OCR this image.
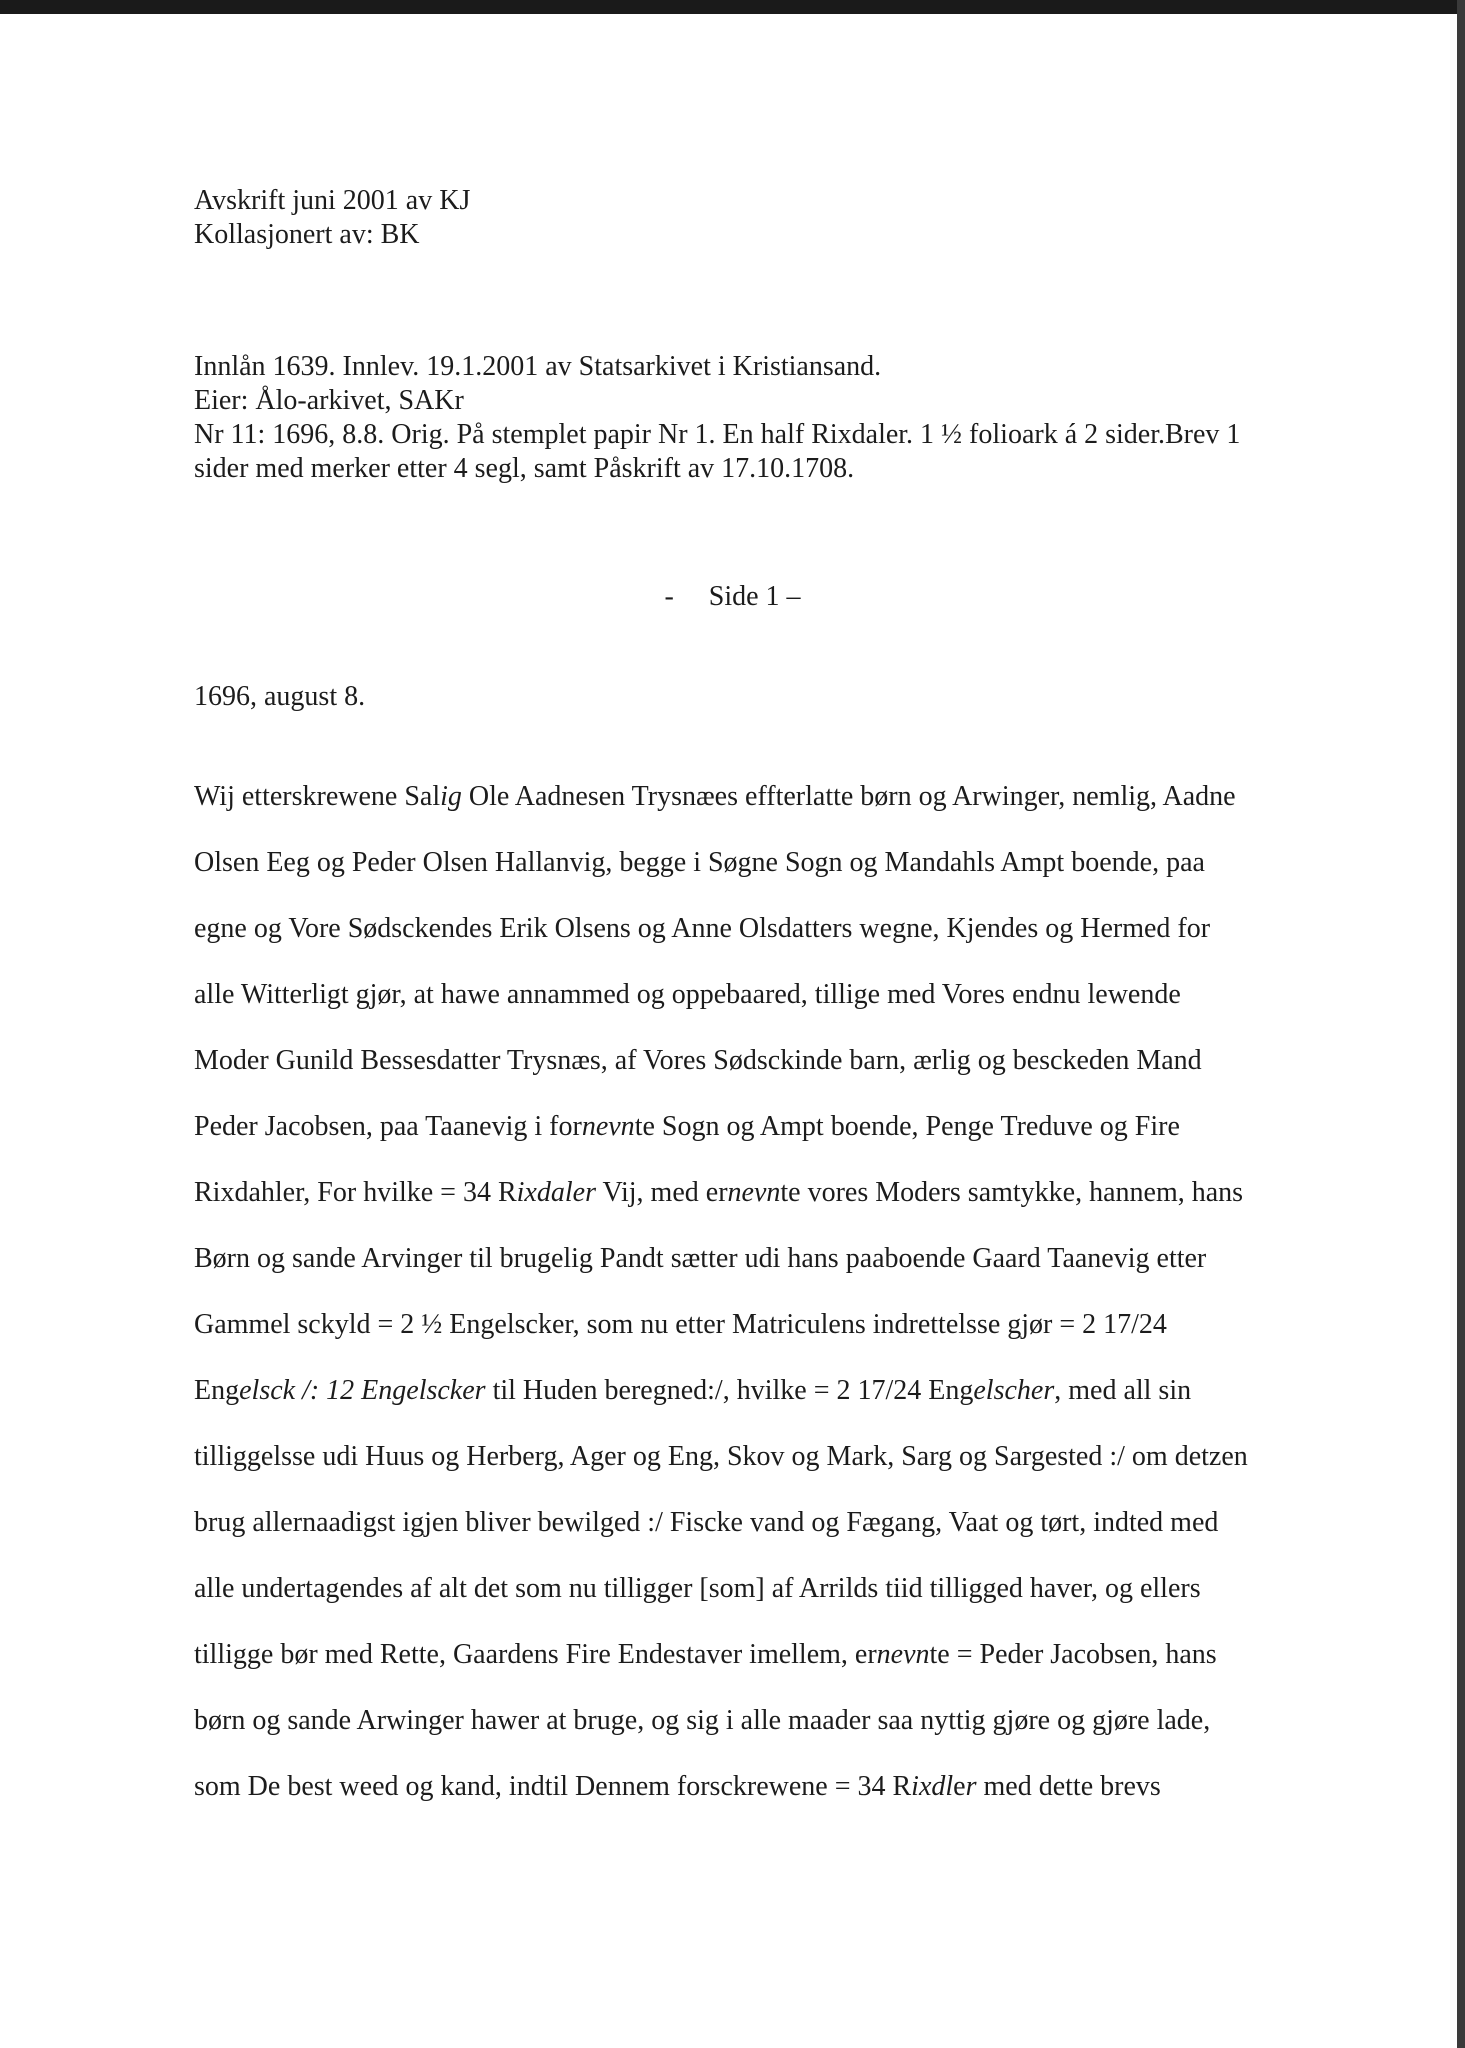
Avskrift juni 2001 av KJ

Kollasjonert av: BK

Innlån 1639. Innlev. 19.1.2001 av Statsarkivet i Kristiansand.

Eier: Ålo-arkivet, SAKr

Nr 11: 1696, 8.8. Orig. På stemplet papir Nr 1. En half Rixdaler. 1 ½ folioark á 2 sider.Brev 1

sider med merker etter 4 segl, samt Påskrift av 17.10.1708.

-     Side 1 –

1696, august 8.

Wij etterskrewene Salig Ole Aadnesen Trysnæes effterlatte børn og Arwinger, nemlig, Aadne

Olsen Eeg og Peder Olsen Hallanvig, begge i Søgne Sogn og Mandahls Ampt boende, paa

egne og Vore Sødsckendes Erik Olsens og Anne Olsdatters wegne, Kjendes og Hermed for

alle Witterligt gjør, at hawe annammed og oppebaared, tillige med Vores endnu lewende

Moder Gunild Bessesdatter Trysnæs, af Vores Sødsckinde barn, ærlig og besckeden Mand

Peder Jacobsen, paa Taanevig i fornevnte Sogn og Ampt boende, Penge Treduve og Fire

Rixdahler, For hvilke = 34 Rixdaler Vij, med ernevnte vores Moders samtykke, hannem, hans

Børn og sande Arvinger til brugelig Pandt sætter udi hans paaboende Gaard Taanevig etter

Gammel sckyld = 2 ½ Engelscker, som nu etter Matriculens indrettelsse gjør = 2 17/24

Engelsck /: 12 Engelscker til Huden beregned:/, hvilke = 2 17/24 Engelscher, med all sin

tilliggelsse udi Huus og Herberg, Ager og Eng, Skov og Mark, Sarg og Sargested :/ om detzen

brug allernaadigst igjen bliver bewilged :/ Fiscke vand og Fægang, Vaat og tørt, indted med

alle undertagendes af alt det som nu tilligger [som] af Arrilds tiid tilligged haver, og ellers

tilligge bør med Rette, Gaardens Fire Endestaver imellem, ernevnte = Peder Jacobsen, hans

børn og sande Arwinger hawer at bruge, og sig i alle maader saa nyttig gjøre og gjøre lade,

som De best weed og kand, indtil Dennem forsckrewene = 34 Rixdler med dette brevs
